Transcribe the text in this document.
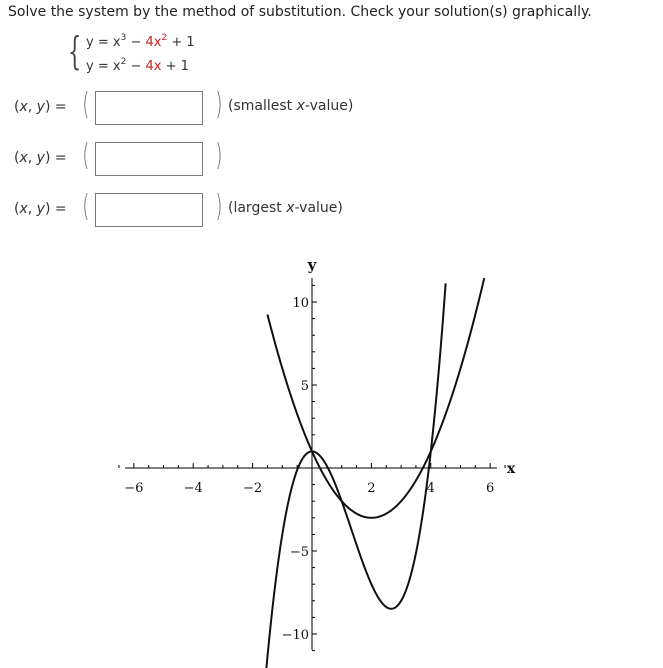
Solve the system by the method of substitution. Check your solution(s) graphically.
{ $y = x^3 - 4x^2 + 1$
$y = x^2 - 4x + 1$
(x, y) = (	) (smallest x-value)
(x, y) = (	)
(x, y) = (	) (largest x-value)
−6	−4	−2	2	4	6
10
5
−5
−10
x
y
